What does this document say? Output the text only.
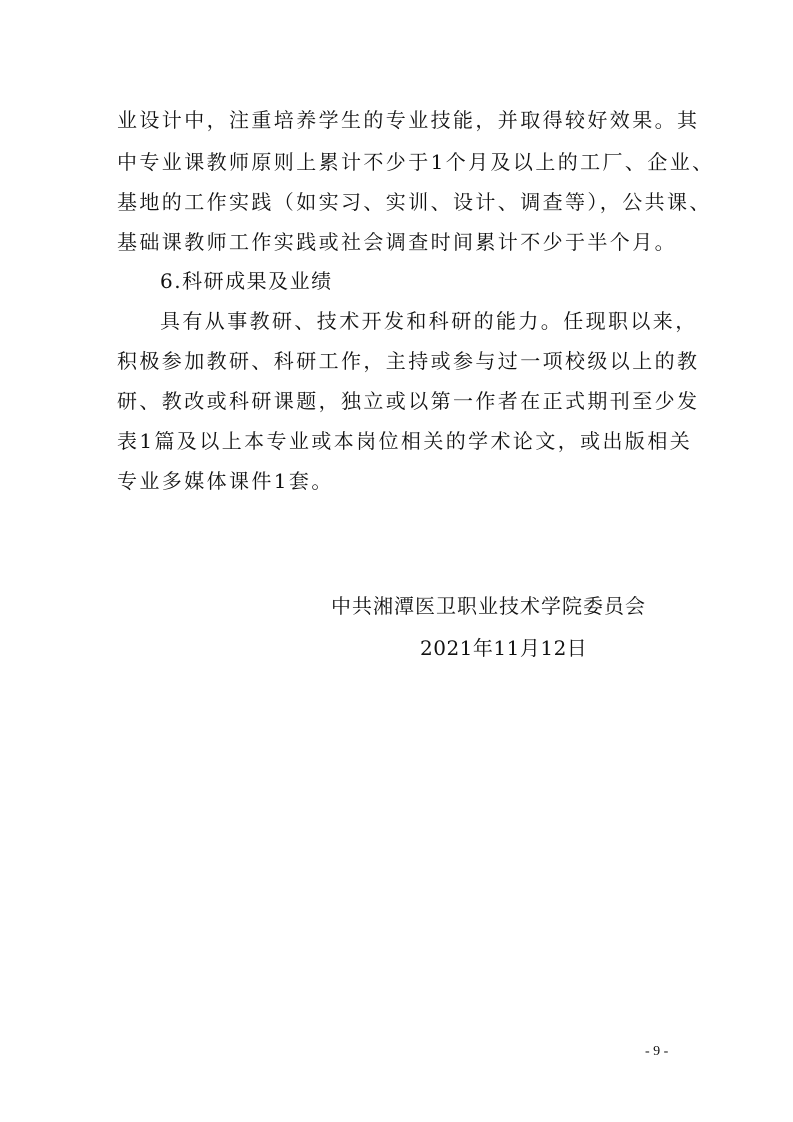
业设计中，注重培养学生的专业技能，并取得较好效果。其
中专业课教师原则上累计不少于1个月及以上的工厂、企业、
基地的工作实践（如实习、实训、设计、调查等），公共课、
基础课教师工作实践或社会调查时间累计不少于半个月。
6.科研成果及业绩
具有从事教研、技术开发和科研的能力。任现职以来，
积极参加教研、科研工作，主持或参与过一项校级以上的教
研、教改或科研课题，独立或以第一作者在正式期刊至少发
表1篇及以上本专业或本岗位相关的学术论文，或出版相关
专业多媒体课件1套。
中共湘潭医卫职业技术学院委员会
2021年11月12日
- 9 -
